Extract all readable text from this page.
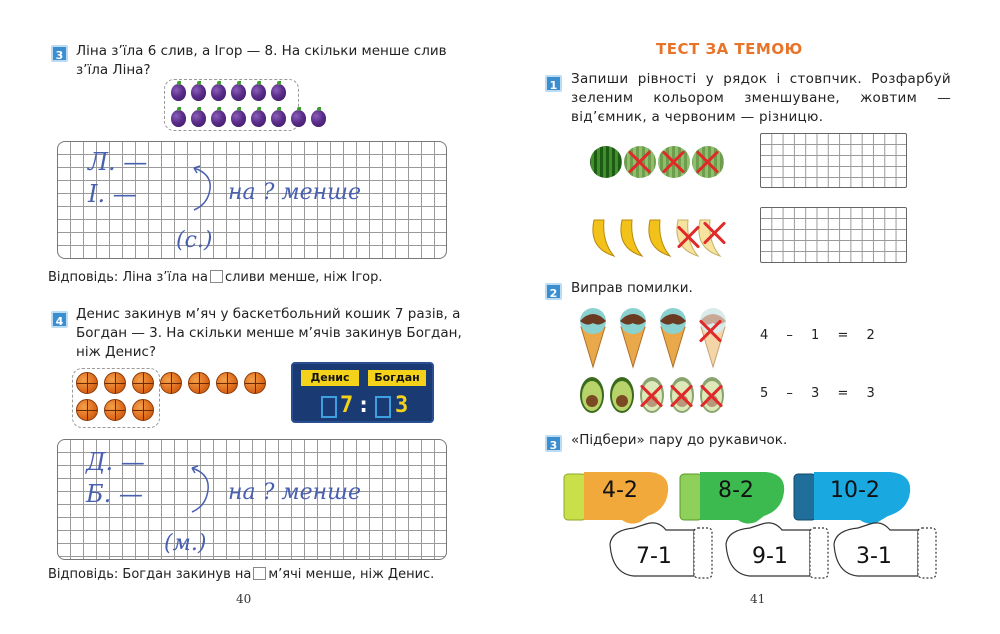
3 Ліна з’їла 6 слив, а Ігор — 8. На скільки менше слив з’їла Ліна?
Л. —
І. —	на ? менше
(с.)
Відповідь: Ліна з’їла на сливи менше, ніж Ігор.
4 Денис закинув м’яч у баскетбольний кошик 7 разів, а Богдан — 3. На скільки менше м’ячів закинув Богдан, ніж Денис?
Денис	Богдан
7 : 3
Д. —
Б. —	на ? менше
(м.)
Відповідь: Богдан закинув на м’ячі менше, ніж Денис.
40
ТЕСТ ЗА ТЕМОЮ
1	Запиши рівності у рядок і стовпчик. Розфарбуй зеленим кольором зменшуване, жовтим — від’ємник, а червоним — різницю.
2	Виправ помилки.
4 – 1 = 2
5 – 3 = 3
3	«Підбери» пару до рукавичок.
4-2	8-2	10-2
7-1	9-1	3-1
41
